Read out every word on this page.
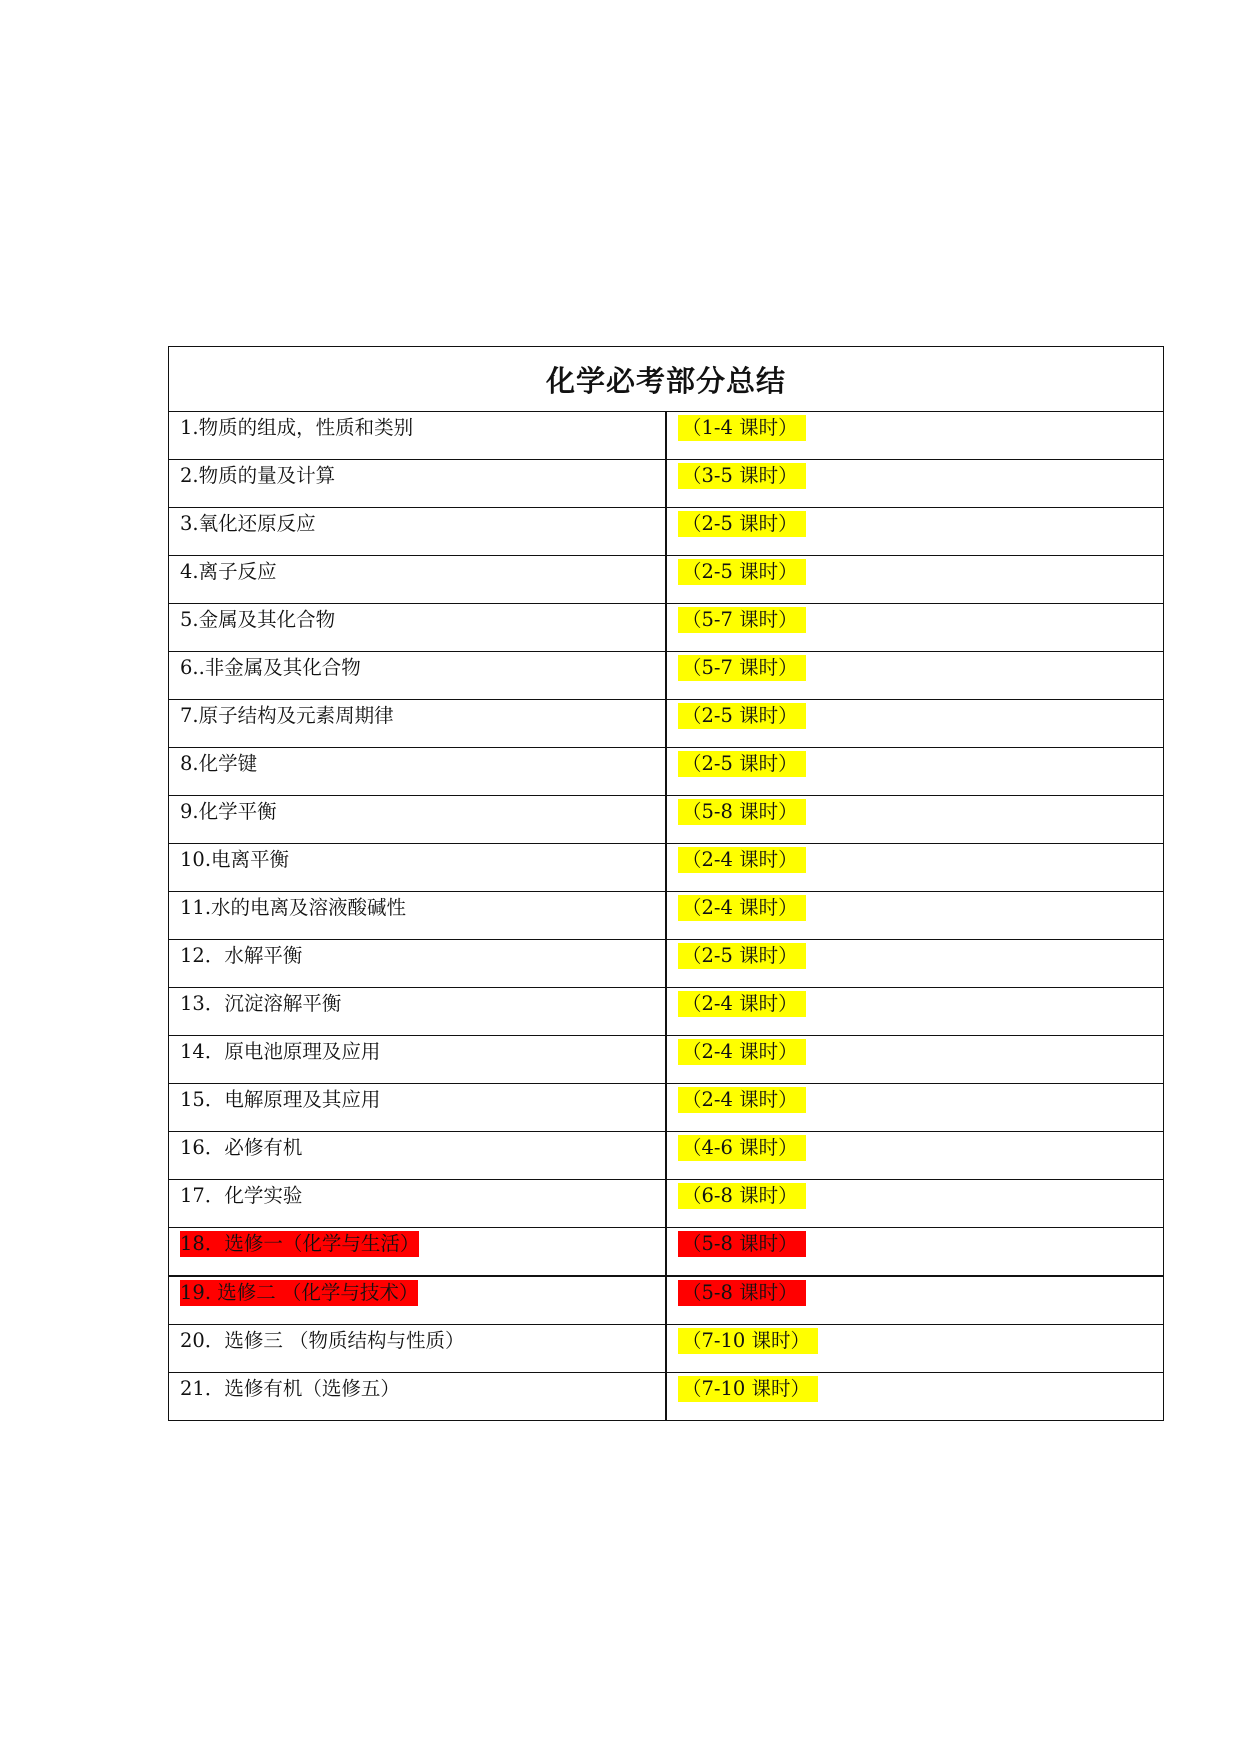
化学必考部分总结	
1.物质的组成，性质和类别	（1-4 课时）
2.物质的量及计算	（3-5 课时）
3.氧化还原反应	（2-5 课时）
4.离子反应	（2-5 课时）
5.金属及其化合物	（5-7 课时）
6..非金属及其化合物	（5-7 课时）
7.原子结构及元素周期律	（2-5 课时）
8.化学键	（2-5 课时）
9.化学平衡	（5-8 课时）
10.电离平衡	（2-4 课时）
11.水的电离及溶液酸碱性	（2-4 课时）
12．水解平衡	（2-5 课时）
13．沉淀溶解平衡	（2-4 课时）
14．原电池原理及应用	（2-4 课时）
15．电解原理及其应用	（2-4 课时）
16．必修有机	（4-6 课时）
17．化学实验	（6-8 课时）
18．选修一（化学与生活）	（5-8 课时）
19. 选修二 （化学与技术）	（5-8 课时）
20．选修三 （物质结构与性质）	（7-10 课时）
21．选修有机（选修五）	（7-10 课时）
